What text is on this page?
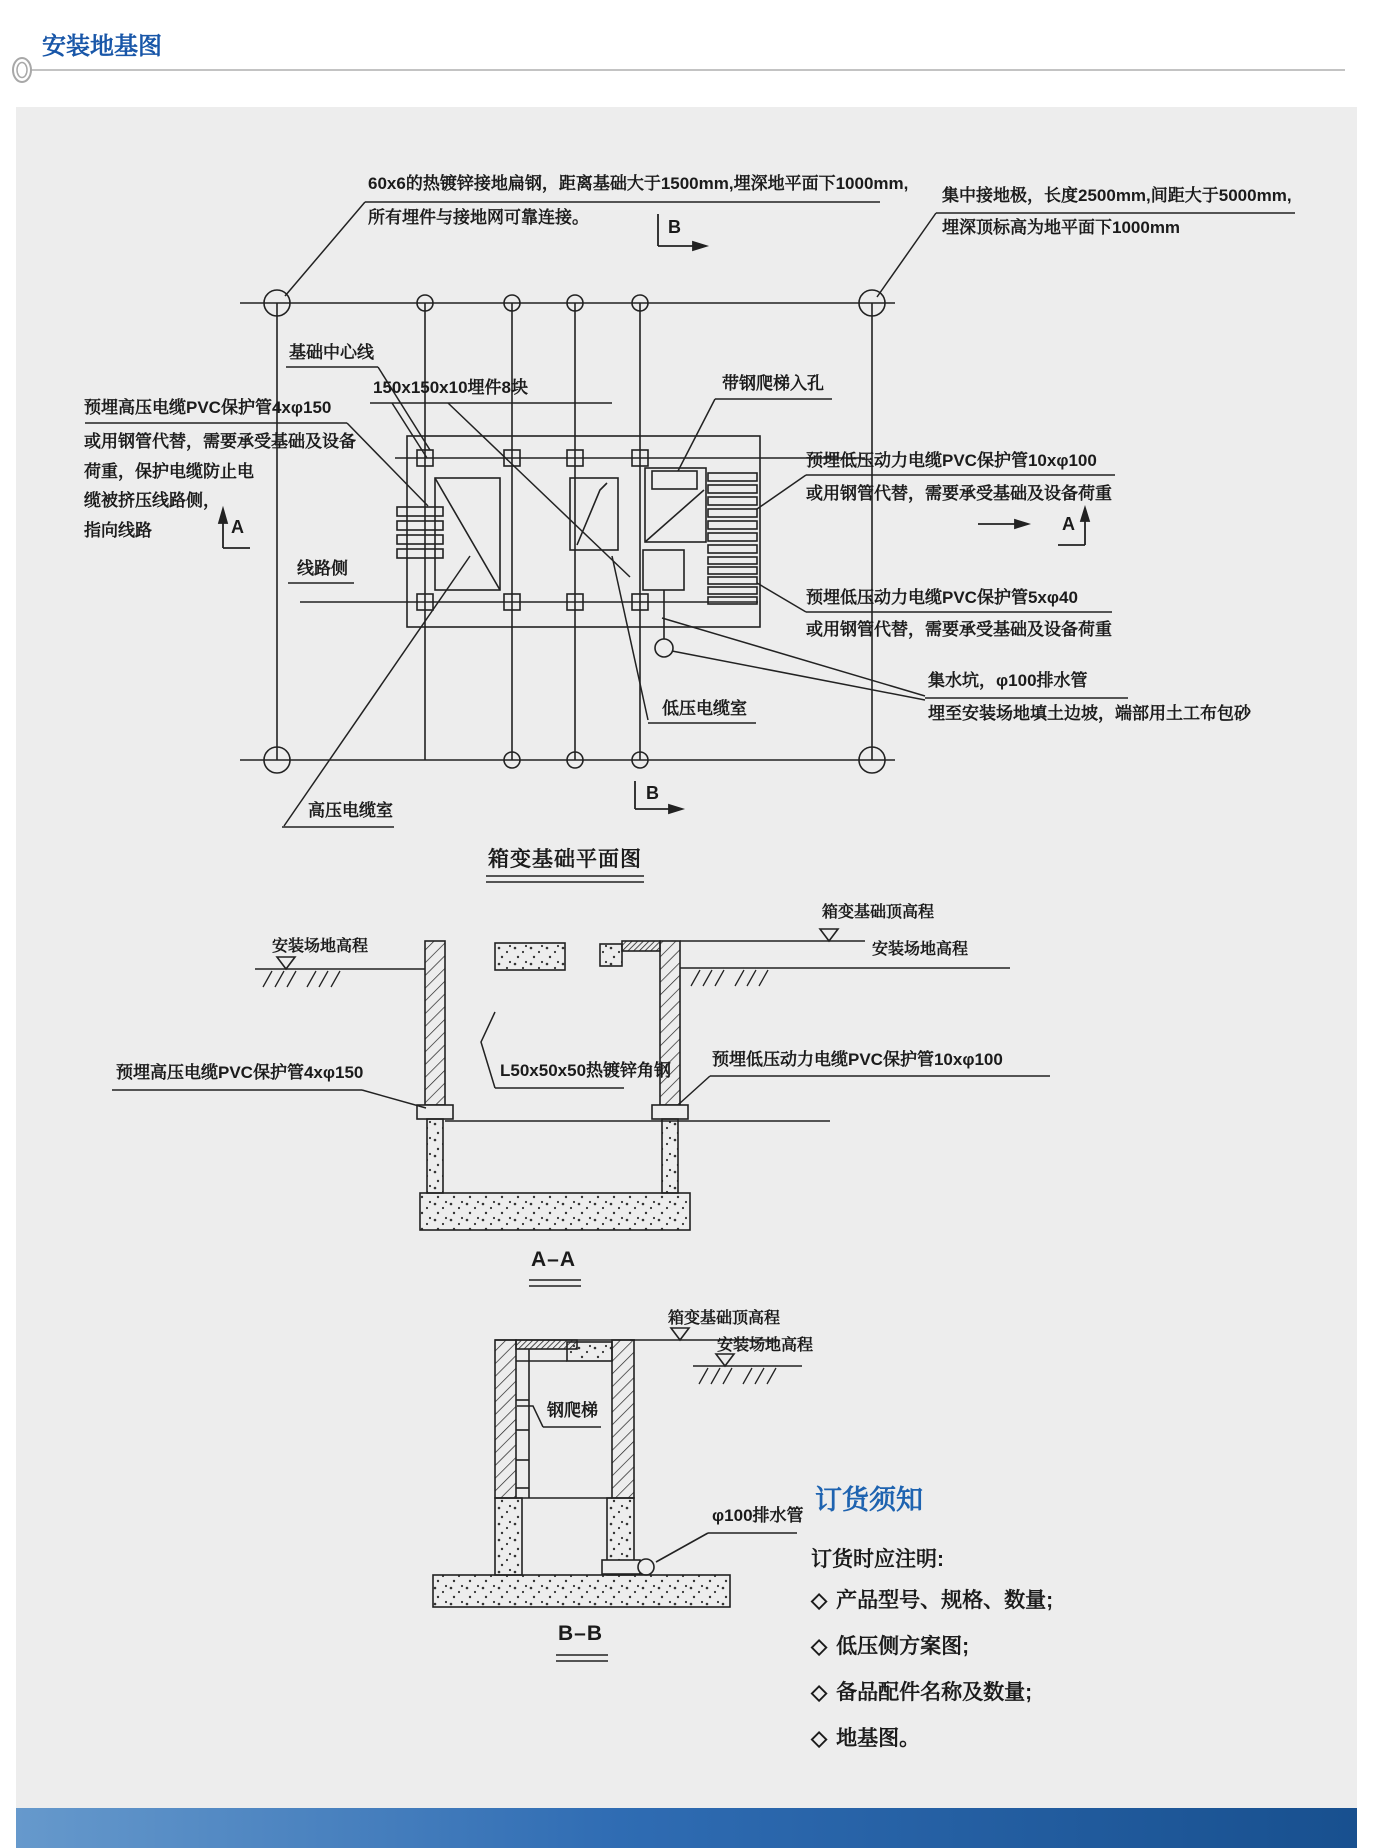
安装地基图
60x6的热镀锌接地扁钢，距离基础大于1500mm,埋深地平面下1000mm,
所有埋件与接地网可靠连接。
集中接地极，长度2500mm,间距大于5000mm,
埋深顶标高为地平面下1000mm
基础中心线
150x150x10埋件8块	带钢爬梯入孔
预埋高压电缆PVC保护管4xφ150
或用钢管代替，需要承受基础及设备
荷重，保护电缆防止电
缆被挤压线路侧，
指向线路	A
线路侧
预埋低压动力电缆PVC保护管10xφ100
或用钢管代替，需要承受基础及设备荷重
A
预埋低压动力电缆PVC保护管5xφ40
或用钢管代替，需要承受基础及设备荷重
集水坑，φ100排水管
埋至安装场地填土边坡，端部用土工布包砂
低压电缆室
高压电缆室
B
B
箱变基础平面图
安装场地高程
箱变基础顶高程
安装场地高程
预埋高压电缆PVC保护管4xφ150	L50x50x50热镀锌角钢
预埋低压动力电缆PVC保护管10xφ100
A–A
箱变基础顶高程
安装场地高程
钢爬梯
φ100排水管
B–B
订货须知
订货时应注明:
◇ 产品型号、规格、数量;
◇ 低压侧方案图;
◇ 备品配件名称及数量;
◇ 地基图。
